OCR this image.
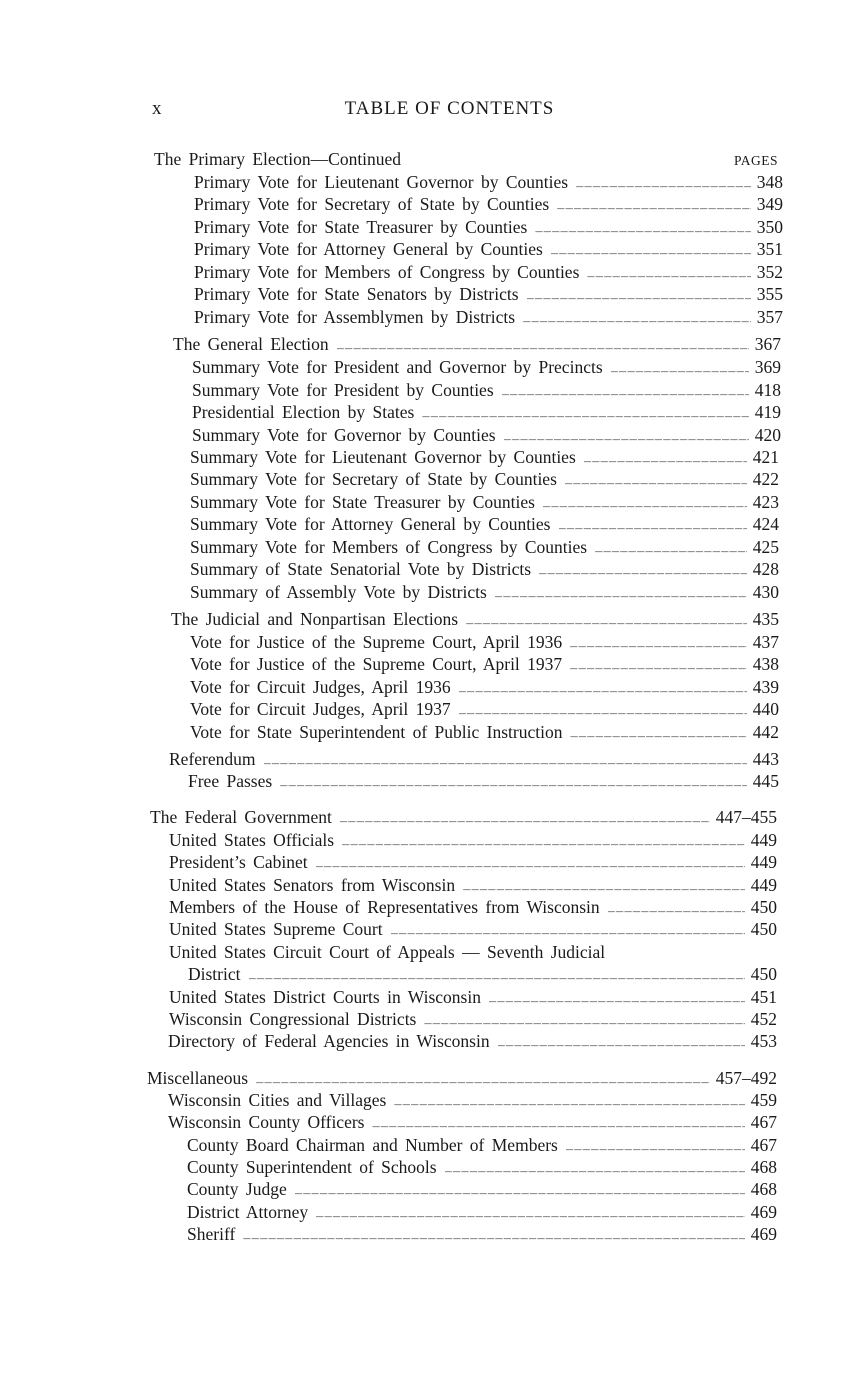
x	TABLE OF CONTENTS
The Primary Election—Continued
Primary Vote for Lieutenant Governor by Counties _ _ _	348
Primary Vote for Secretary of State by Counties _ _ _	349
Primary Vote for State Treasurer by Counties _ _ _	350
Primary Vote for Attorney General by Counties _ _ _	351
Primary Vote for Members of Congress by Counties _ _ _	352
Primary Vote for State Senators by Districts _ _ _	355
Primary Vote for Assemblymen by Districts _ _ _	357
The General Election _ _ _	367
Summary Vote for President and Governor by Precincts _ _ _	369
Summary Vote for President by Counties _ _ _	418
Presidential Election by States _ _ _	419
Summary Vote for Governor by Counties _ _ _	420
Summary Vote for Lieutenant Governor by Counties _ _ _	421
Summary Vote for Secretary of State by Counties _ _ _	422
Summary Vote for State Treasurer by Counties _ _ _	423
Summary Vote for Attorney General by Counties _ _ _	424
Summary Vote for Members of Congress by Counties _ _ _	425
Summary of State Senatorial Vote by Districts _ _ _	428
Summary of Assembly Vote by Districts _ _ _	430
The Judicial and Nonpartisan Elections _ _ _	435
Vote for Justice of the Supreme Court, April 1936 _ _ _	437
Vote for Justice of the Supreme Court, April 1937 _ _ _	438
Vote for Circuit Judges, April 1936 _ _ _	439
Vote for Circuit Judges, April 1937 _ _ _	440
Vote for State Superintendent of Public Instruction _ _ _	442
Referendum _ _ _	443
Free Passes _ _ _	445
The Federal Government _ _ _	447–455
United States Officials _ _ _	449
President’s Cabinet _ _ _	449
United States Senators from Wisconsin _ _ _	449
Members of the House of Representatives from Wisconsin _ _ _	450
United States Supreme Court _ _ _	450
United States Circuit Court of Appeals — Seventh Judicial
District _ _ _	450
United States District Courts in Wisconsin _ _ _	451
Wisconsin Congressional Districts _ _ _	452
Directory of Federal Agencies in Wisconsin _ _ _	453
Miscellaneous _ _ _	457–492
Wisconsin Cities and Villages _ _ _	459
Wisconsin County Officers _ _ _	467
County Board Chairman and Number of Members _ _ _	467
County Superintendent of Schools _ _ _	468
County Judge _ _ _	468
District Attorney _ _ _	469
Sheriff _ _ _	469
PAGES
